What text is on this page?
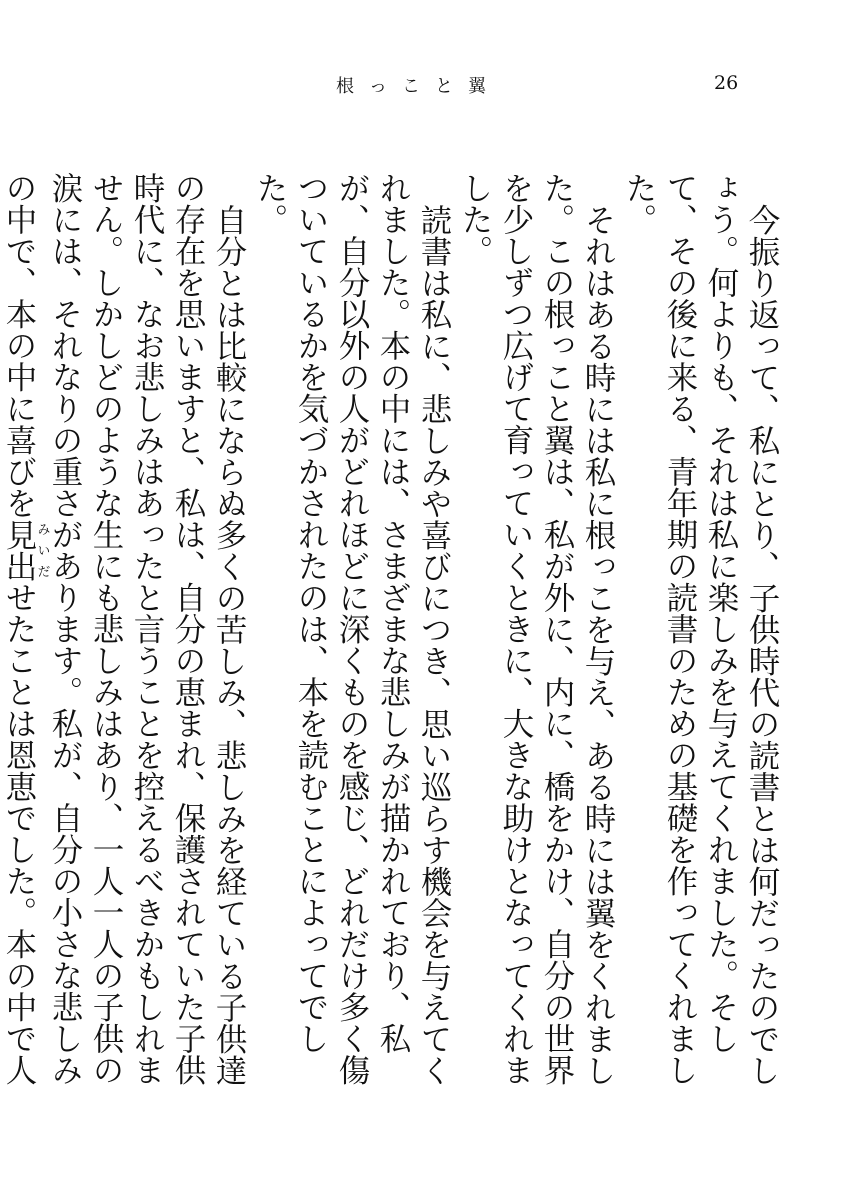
根っこと翼	26

今振り返って、私にとり、子供時代の読書とは何だったのでしょう。何よりも、それは私に楽しみを与えてくれました。そして、その後に来る、青年期の読書のための基礎を作ってくれました。

それはある時には私に根っこを与え、ある時には翼をくれました。この根っこと翼は、私が外に、内に、橋をかけ、自分の世界を少しずつ広げて育っていくときに、大きな助けとなってくれました。

読書は私に、悲しみや喜びにつき、思い巡らす機会を与えてくれました。本の中には、さまざまな悲しみが描かれており、私が、自分以外の人がどれほどに深くものを感じ、どれだけ多く傷ついているかを気づかされたのは、本を読むことによってでした。

自分とは比較にならぬ多くの苦しみ、悲しみを経ている子供達の存在を思いますと、私は、自分の恵まれ、保護されていた子供時代に、なお悲しみはあったと言うことを控えるべきかもしれません。しかしどのような生にも悲しみはあり、一人一人の子供の涙には、それなりの重さがあります。私が、自分の小さな悲しみの中で、本の中に喜びを見出みいだせたことは恩恵でした。本の中で人
